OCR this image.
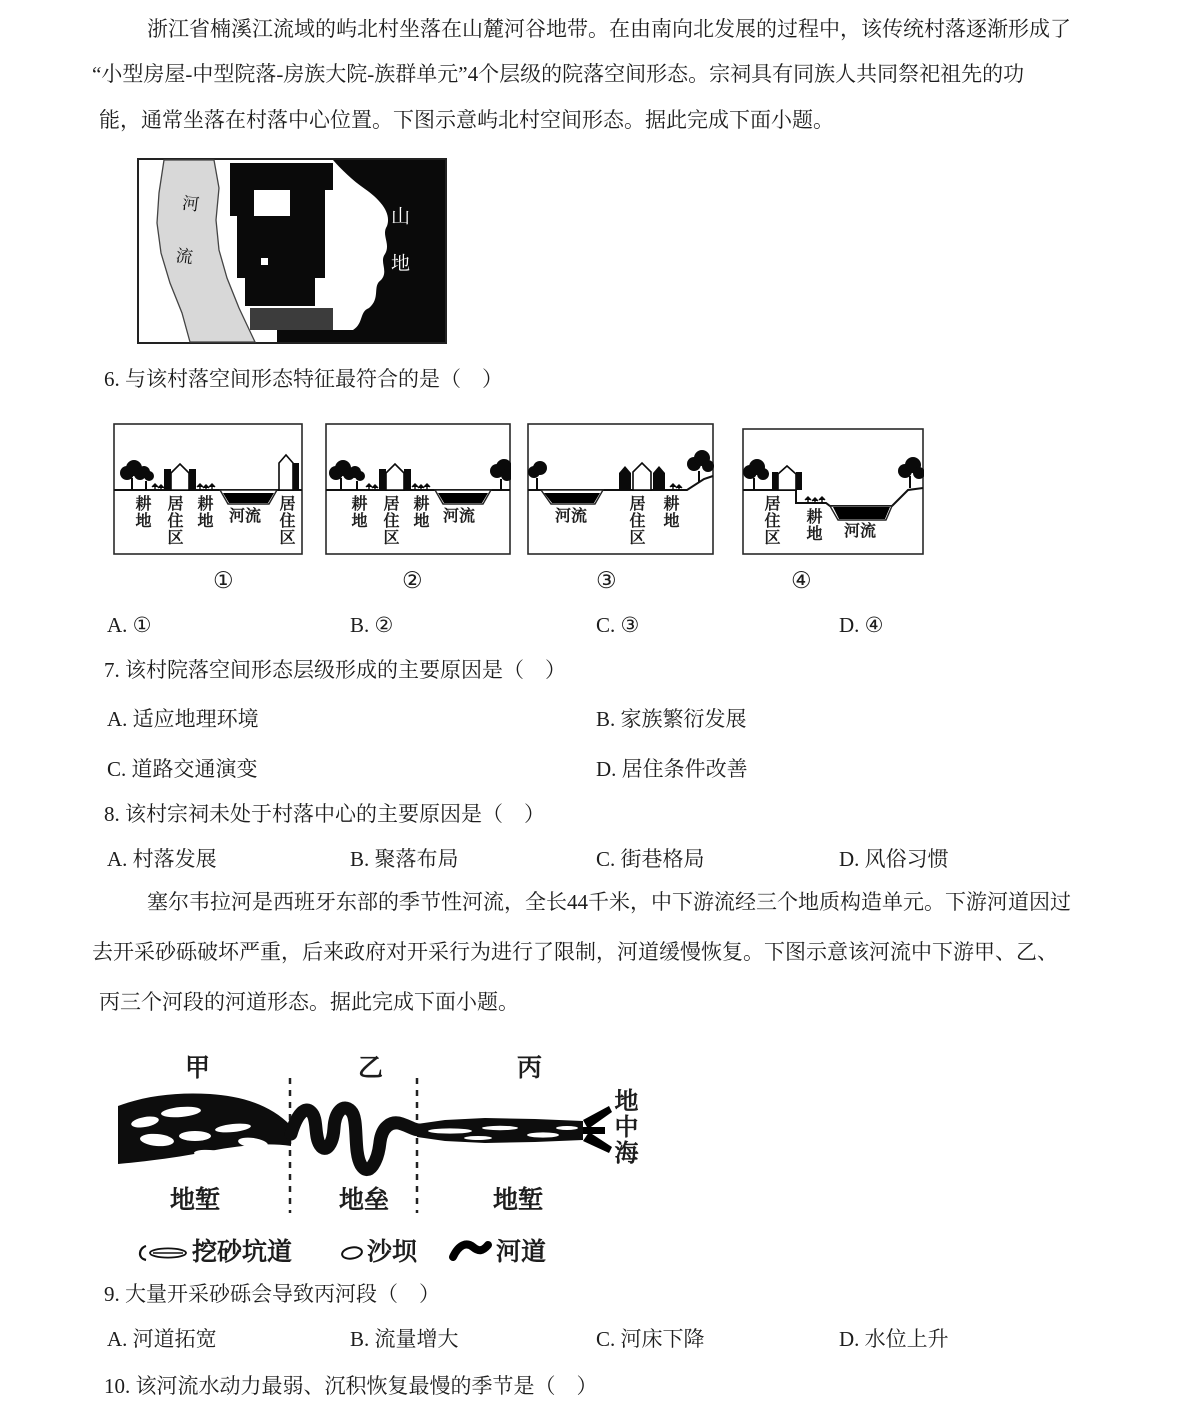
浙江省楠溪江流域的屿北村坐落在山麓河谷地带。在由南向北发展的过程中，该传统村落逐渐形成了
“小型房屋-中型院落-房族大院-族群单元”4个层级的院落空间形态。宗祠具有同族人共同祭祀祖先的功
能，通常坐落在村落中心位置。下图示意屿北村空间形态。据此完成下面小题。
河流	山地
6. 与该村落空间形态特征最符合的是（　）
耕地 居住区 耕地 河流 居住区	耕地 居住区 耕地 河流	河流 居住区 耕地	居住区 耕地 河流
①	②	③	④
A. ①	B. ②	C. ③	D. ④
7. 该村院落空间形态层级形成的主要原因是（　）
A. 适应地理环境	B. 家族繁衍发展
C. 道路交通演变	D. 居住条件改善
8. 该村宗祠未处于村落中心的主要原因是（　）
A. 村落发展	B. 聚落布局	C. 街巷格局	D. 风俗习惯
塞尔韦拉河是西班牙东部的季节性河流，全长44千米，中下游流经三个地质构造单元。下游河道因过
去开采砂砾破坏严重，后来政府对开采行为进行了限制，河道缓慢恢复。下图示意该河流中下游甲、乙、
丙三个河段的河道形态。据此完成下面小题。
甲	乙	丙
地中海
地堑	地垒	地堑
挖砂坑道	沙坝	河道
9. 大量开采砂砾会导致丙河段（　）
A. 河道拓宽	B. 流量增大	C. 河床下降	D. 水位上升
10. 该河流水动力最弱、沉积恢复最慢的季节是（　）
